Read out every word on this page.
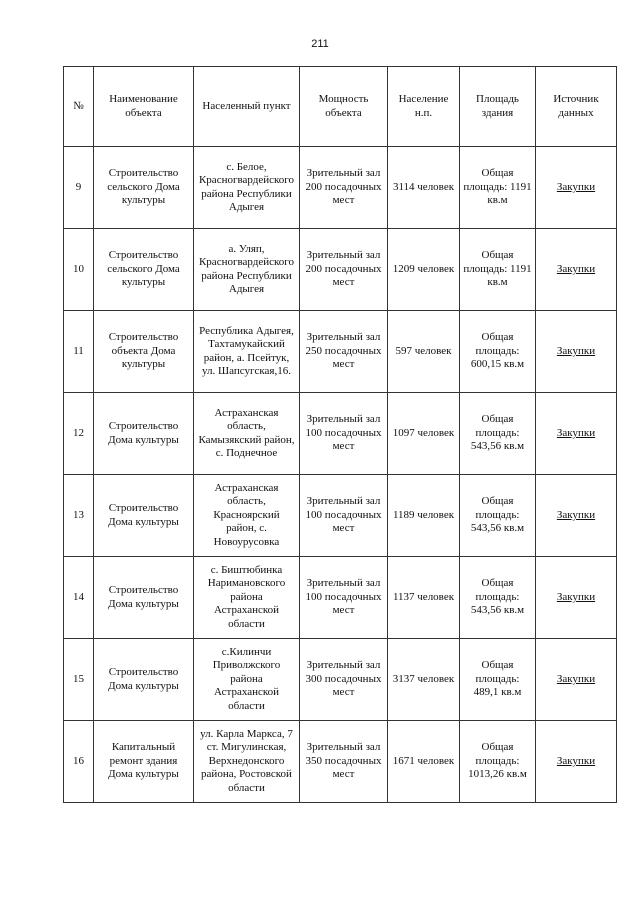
211
№	Наименование объекта	Населенный пункт	Мощность объекта	Население н.п.	Площадь здания	Источник данных
9	Строительство сельского Дома культуры	с. Белое, Красногвардейского района Республики Адыгея	Зрительный зал 200 посадочных мест	3114 человек	Общая площадь: 1191 кв.м	Закупки
10	Строительство сельского Дома культуры	а. Уляп, Красногвардейского района Республики Адыгея	Зрительный зал 200 посадочных мест	1209 человек	Общая площадь: 1191 кв.м	Закупки
11	Строительство объекта Дома культуры	Республика Адыгея, Тахтамукайский район, а. Псейтук, ул. Шапсугская,16.	Зрительный зал 250 посадочных мест	597 человек	Общая площадь: 600,15 кв.м	Закупки
12	Строительство Дома культуры	Астраханская область, Камызякский район, с. Поднечное	Зрительный зал 100 посадочных мест	1097 человек	Общая площадь: 543,56 кв.м	Закупки
13	Строительство Дома культуры	Астраханская область, Красноярский район, с. Новоурусовка	Зрительный зал 100 посадочных мест	1189 человек	Общая площадь: 543,56 кв.м	Закупки
14	Строительство Дома культуры	с. Биштюбинка Наримановского района Астраханской области	Зрительный зал 100 посадочных мест	1137 человек	Общая площадь: 543,56 кв.м	Закупки
15	Строительство Дома культуры	с.Килинчи Приволжского района Астраханской области	Зрительный зал 300 посадочных мест	3137 человек	Общая площадь: 489,1 кв.м	Закупки
16	Капитальный ремонт здания Дома культуры	ул. Карла Маркса, 7 ст. Мигулинская, Верхнедонского района, Ростовской области	Зрительный зал 350 посадочных мест	1671 человек	Общая площадь: 1013,26 кв.м	Закупки
